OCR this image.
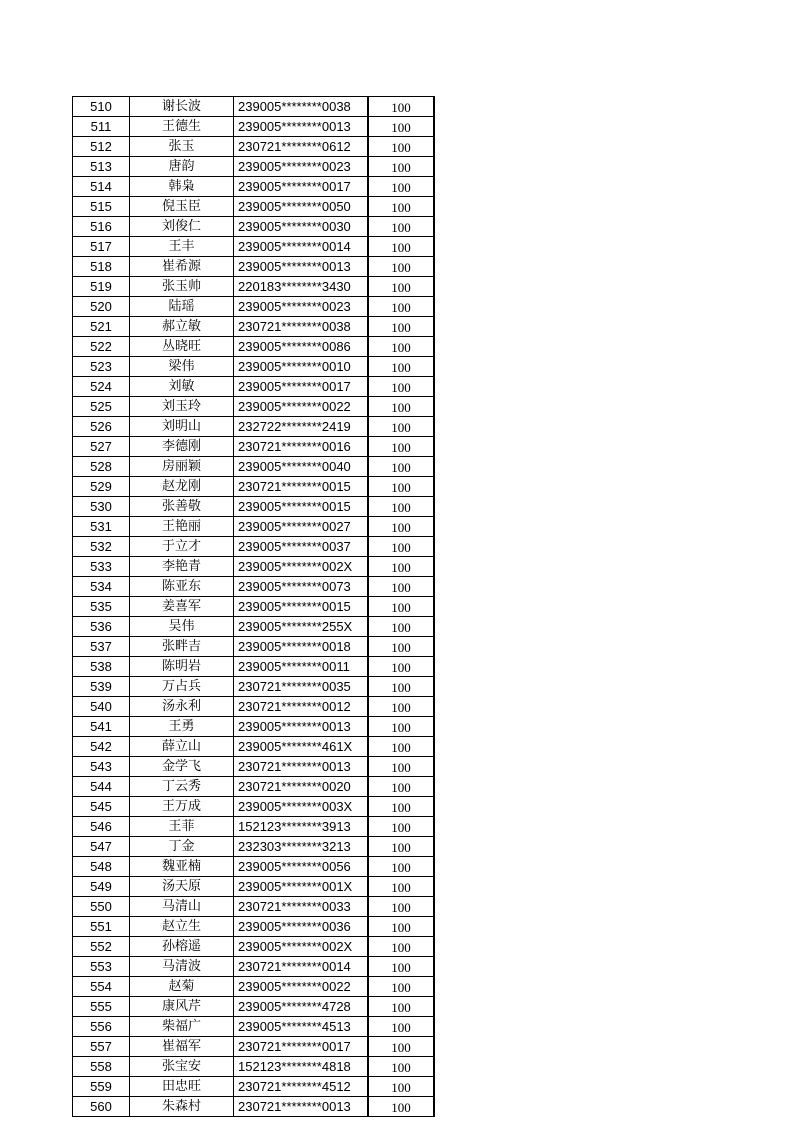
510	谢长波	239005********0038	100
511	王德生	239005********0013	100
512	张玉	230721********0612	100
513	唐韵	239005********0023	100
514	韩枭	239005********0017	100
515	倪玉臣	239005********0050	100
516	刘俊仁	239005********0030	100
517	王丰	239005********0014	100
518	崔希源	239005********0013	100
519	张玉帅	220183********3430	100
520	陆瑶	239005********0023	100
521	郝立敏	230721********0038	100
522	丛晓旺	239005********0086	100
523	梁伟	239005********0010	100
524	刘敏	239005********0017	100
525	刘玉玲	239005********0022	100
526	刘明山	232722********2419	100
527	李德刚	230721********0016	100
528	房丽颖	239005********0040	100
529	赵龙刚	230721********0015	100
530	张善敬	239005********0015	100
531	王艳丽	239005********0027	100
532	于立才	239005********0037	100
533	李艳青	239005********002X	100
534	陈亚东	239005********0073	100
535	姜喜军	239005********0015	100
536	吴伟	239005********255X	100
537	张畔吉	239005********0018	100
538	陈明岩	239005********0011	100
539	万占兵	230721********0035	100
540	汤永利	230721********0012	100
541	王勇	239005********0013	100
542	薛立山	239005********461X	100
543	金学飞	230721********0013	100
544	丁云秀	230721********0020	100
545	王万成	239005********003X	100
546	王菲	152123********3913	100
547	丁金	232303********3213	100
548	魏亚楠	239005********0056	100
549	汤天原	239005********001X	100
550	马清山	230721********0033	100
551	赵立生	239005********0036	100
552	孙榕遥	239005********002X	100
553	马清波	230721********0014	100
554	赵菊	239005********0022	100
555	康风芹	239005********4728	100
556	柴福广	239005********4513	100
557	崔福军	230721********0017	100
558	张宝安	152123********4818	100
559	田忠旺	230721********4512	100
560	朱森村	230721********0013	100
